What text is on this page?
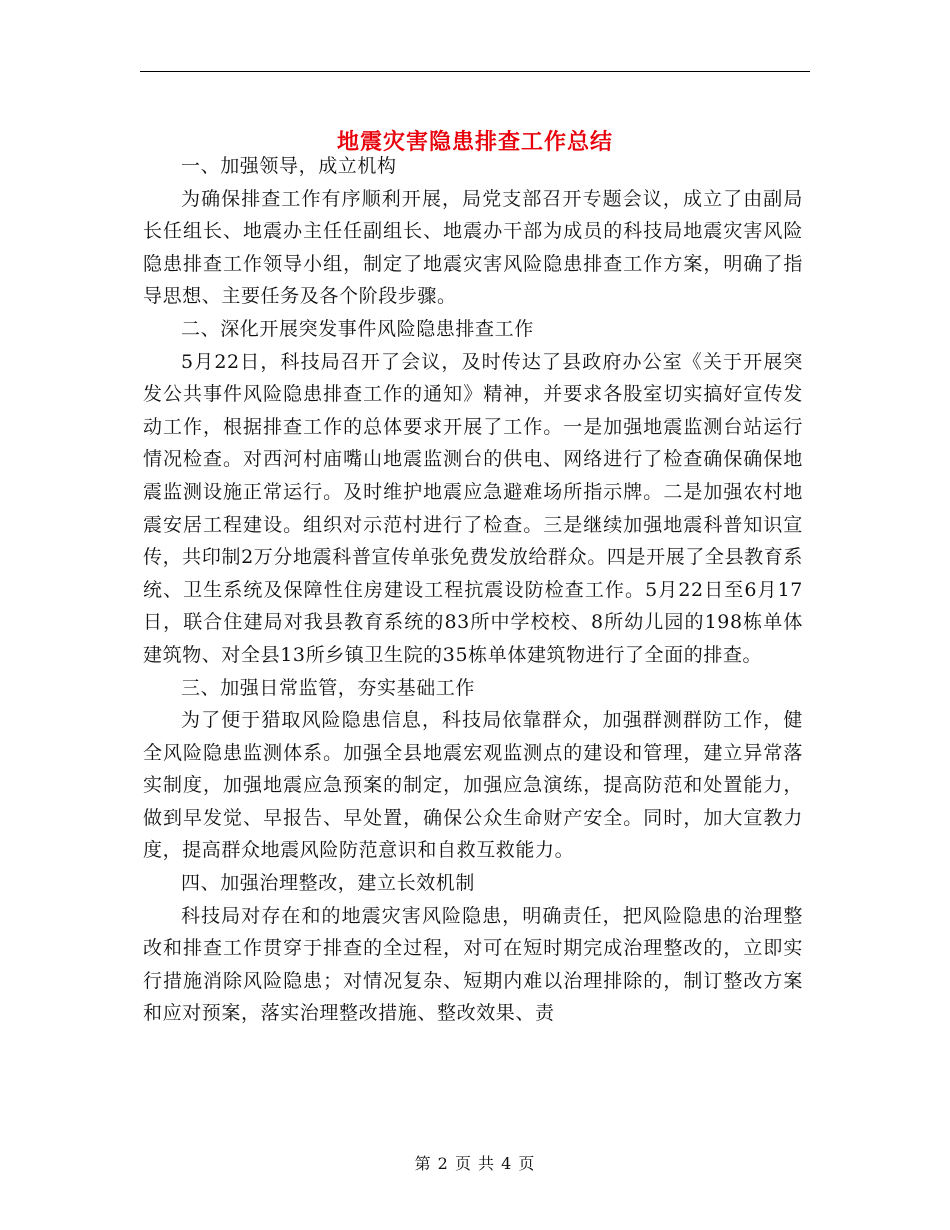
地震灾害隐患排查工作总结

一、加强领导，成立机构

为确保排查工作有序顺利开展，局党支部召开专题会议，成立了由副局长任组长、地震办主任任副组长、地震办干部为成员的科技局地震灾害风险隐患排查工作领导小组，制定了地震灾害风险隐患排查工作方案，明确了指导思想、主要任务及各个阶段步骤。

二、深化开展突发事件风险隐患排查工作

5月22日，科技局召开了会议，及时传达了县政府办公室《关于开展突发公共事件风险隐患排查工作的通知》精神，并要求各股室切实搞好宣传发动工作，根据排查工作的总体要求开展了工作。一是加强地震监测台站运行情况检查。对西河村庙嘴山地震监测台的供电、网络进行了检查确保确保地震监测设施正常运行。及时维护地震应急避难场所指示牌。二是加强农村地震安居工程建设。组织对示范村进行了检查。三是继续加强地震科普知识宣传，共印制2万分地震科普宣传单张免费发放给群众。四是开展了全县教育系统、卫生系统及保障性住房建设工程抗震设防检查工作。5月22日至6月17日，联合住建局对我县教育系统的83所中学校校、8所幼儿园的198栋单体建筑物、对全县13所乡镇卫生院的35栋单体建筑物进行了全面的排查。

三、加强日常监管，夯实基础工作

为了便于猎取风险隐患信息，科技局依靠群众，加强群测群防工作，健全风险隐患监测体系。加强全县地震宏观监测点的建设和管理，建立异常落实制度，加强地震应急预案的制定，加强应急演练，提高防范和处置能力，做到早发觉、早报告、早处置，确保公众生命财产安全。同时，加大宣教力度，提高群众地震风险防范意识和自救互救能力。

四、加强治理整改，建立长效机制

科技局对存在和的地震灾害风险隐患，明确责任，把风险隐患的治理整改和排查工作贯穿于排查的全过程，对可在短时期完成治理整改的，立即实行措施消除风险隐患；对情况复杂、短期内难以治理排除的，制订整改方案和应对预案，落实治理整改措施、整改效果、责

第 2 页 共 4 页
